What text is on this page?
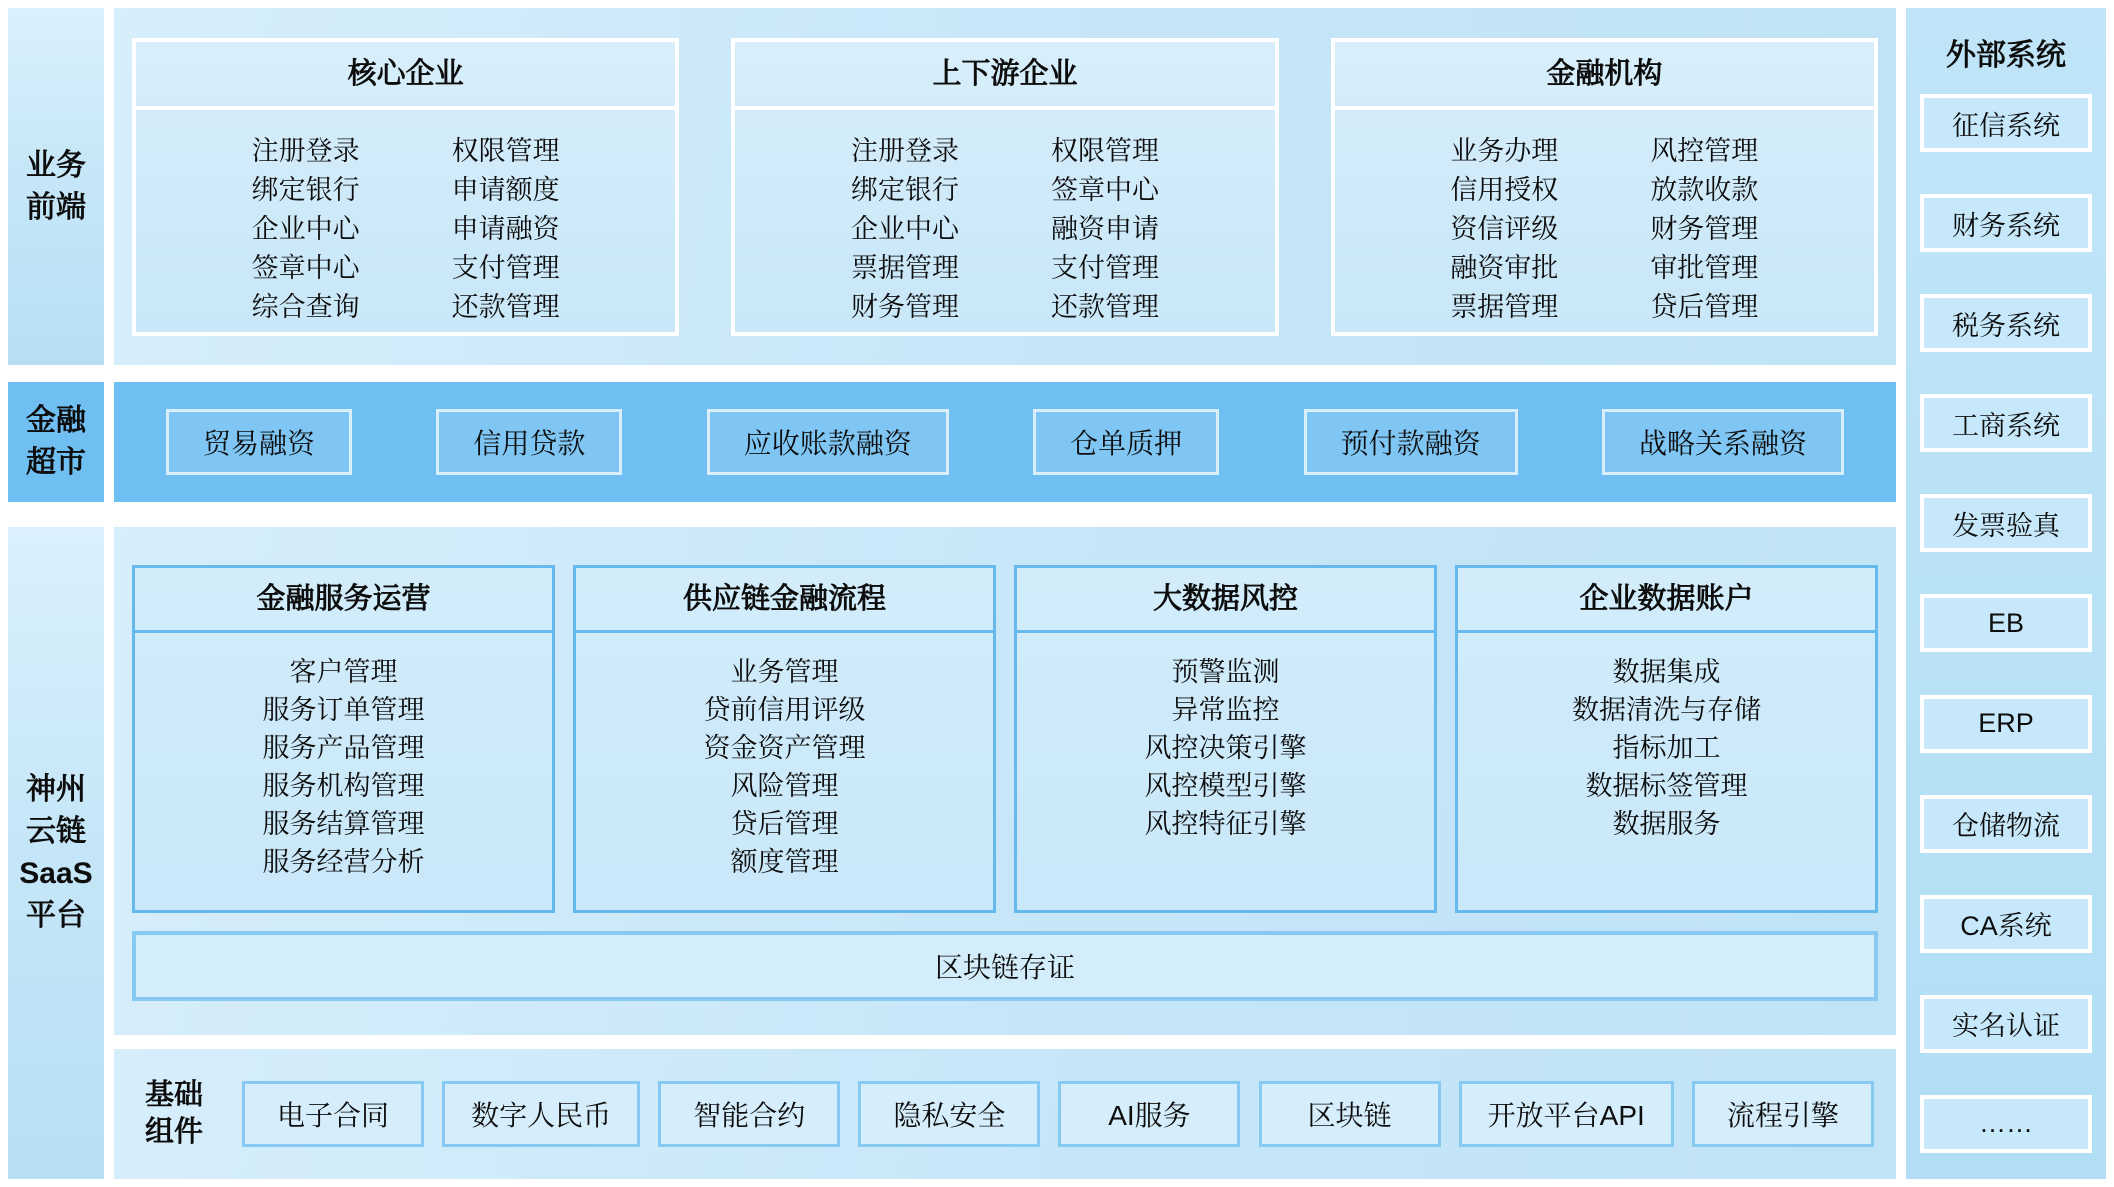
业务
前端
金融
超市
神州
云链
SaaS
平台
核心企业
注册登录
绑定银行
企业中心
签章中心
综合查询
权限管理
申请额度
申请融资
支付管理
还款管理
上下游企业
注册登录
绑定银行
企业中心
票据管理
财务管理
权限管理
签章中心
融资申请
支付管理
还款管理
金融机构
业务办理
信用授权
资信评级
融资审批
票据管理
风控管理
放款收款
财务管理
审批管理
贷后管理
贸易融资	信用贷款	应收账款融资	仓单质押	预付款融资	战略关系融资
金融服务运营
客户管理
服务订单管理
服务产品管理
服务机构管理
服务结算管理
服务经营分析
供应链金融流程
业务管理
贷前信用评级
资金资产管理
风险管理
贷后管理
额度管理
大数据风控
预警监测
异常监控
风控决策引擎
风控模型引擎
风控特征引擎
企业数据账户
数据集成
数据清洗与存储
指标加工
数据标签管理
数据服务
区块链存证
基础
组件
电子合同	数字人民币	智能合约	隐私安全	AI服务	区块链	开放平台API	流程引擎
外部系统
征信系统
财务系统
税务系统
工商系统
发票验真
EB
ERP
仓储物流
CA系统
实名认证
……
